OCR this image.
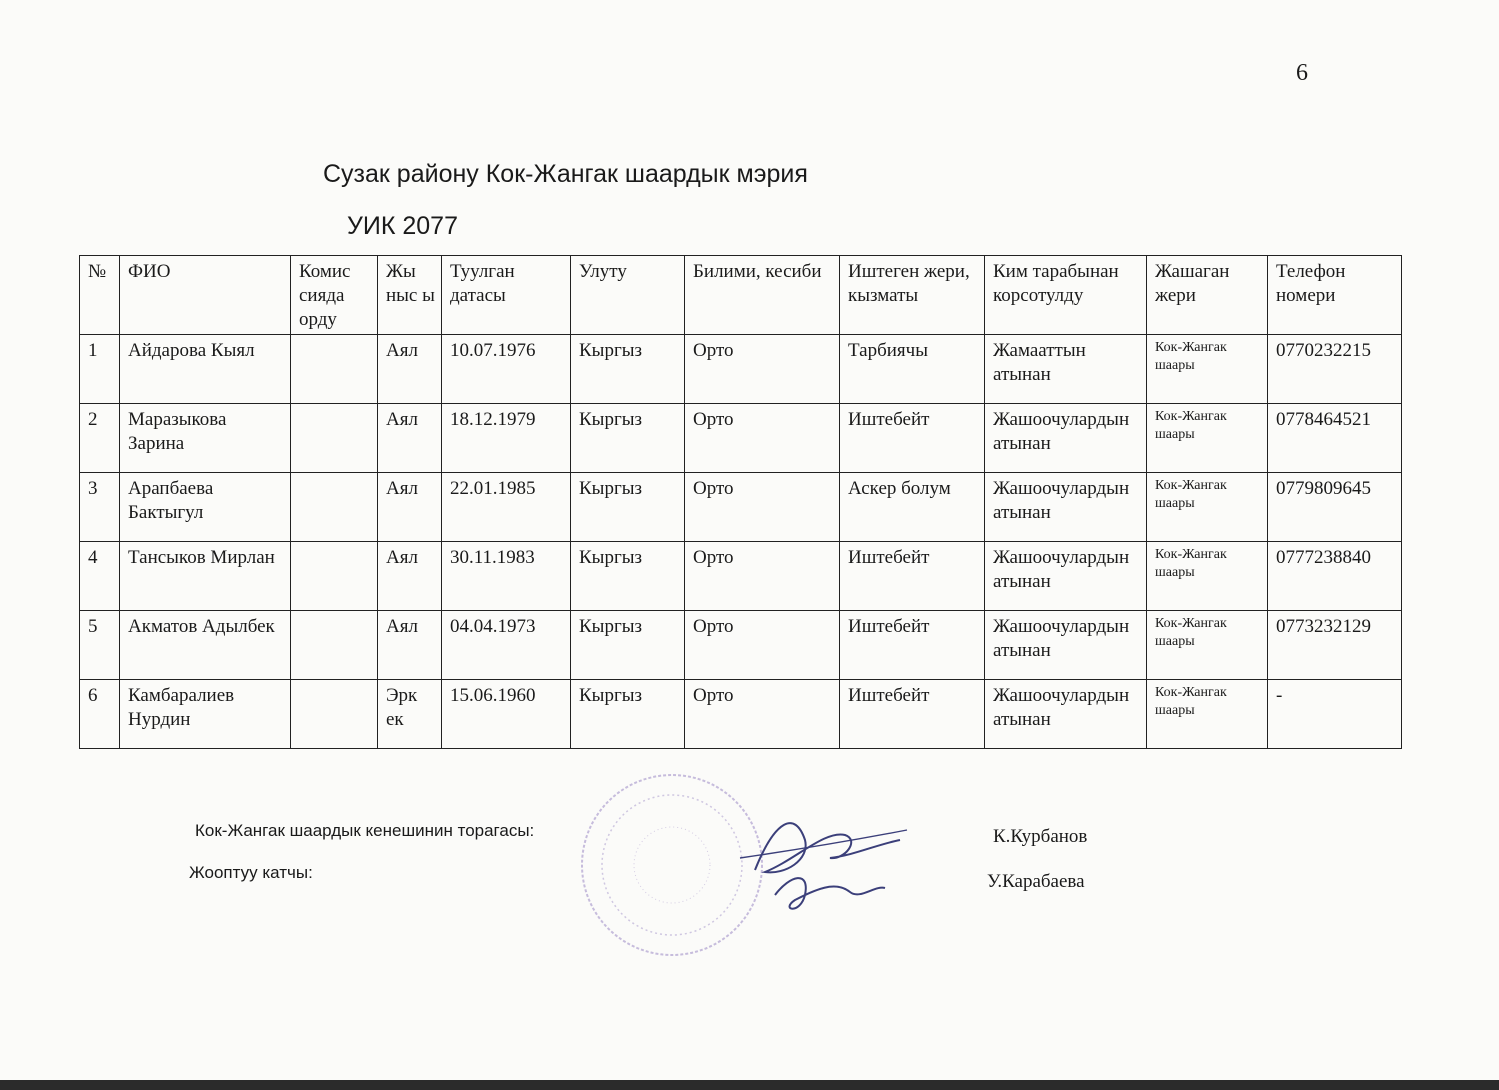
6
Сузак району Кок-Жангак шаардык мэрия
УИК 2077
№	ФИО	Комис сияда орду	Жы ныс ы	Туулган датасы	Улуту	Билими, кесиби	Иштеген жери, кызматы	Ким тарабынан корсотулду	Жашаган жери	Телефон номери
1	Айдарова Кыял		Аял	10.07.1976	Кыргыз	Орто	Тарбиячы	Жамааттын атынан	Кок-Жангак шаары	0770232215
2	Маразыкова Зарина		Аял	18.12.1979	Кыргыз	Орто	Иштебейт	Жашоочулардын атынан	Кок-Жангак шаары	0778464521
3	Арапбаева Бактыгул		Аял	22.01.1985	Кыргыз	Орто	Аскер болум	Жашоочулардын атынан	Кок-Жангак шаары	0779809645
4	Тансыков Мирлан		Аял	30.11.1983	Кыргыз	Орто	Иштебейт	Жашоочулардын атынан	Кок-Жангак шаары	0777238840
5	Акматов Адылбек		Аял	04.04.1973	Кыргыз	Орто	Иштебейт	Жашоочулардын атынан	Кок-Жангак шаары	0773232129
6	Камбаралиев Нурдин		Эрк ек	15.06.1960	Кыргыз	Орто	Иштебейт	Жашоочулардын атынан	Кок-Жангак шаары	-
Кок-Жангак шаардык кенешинин торагасы:	К.Курбанов
Жооптуу катчы:	У.Карабаева
